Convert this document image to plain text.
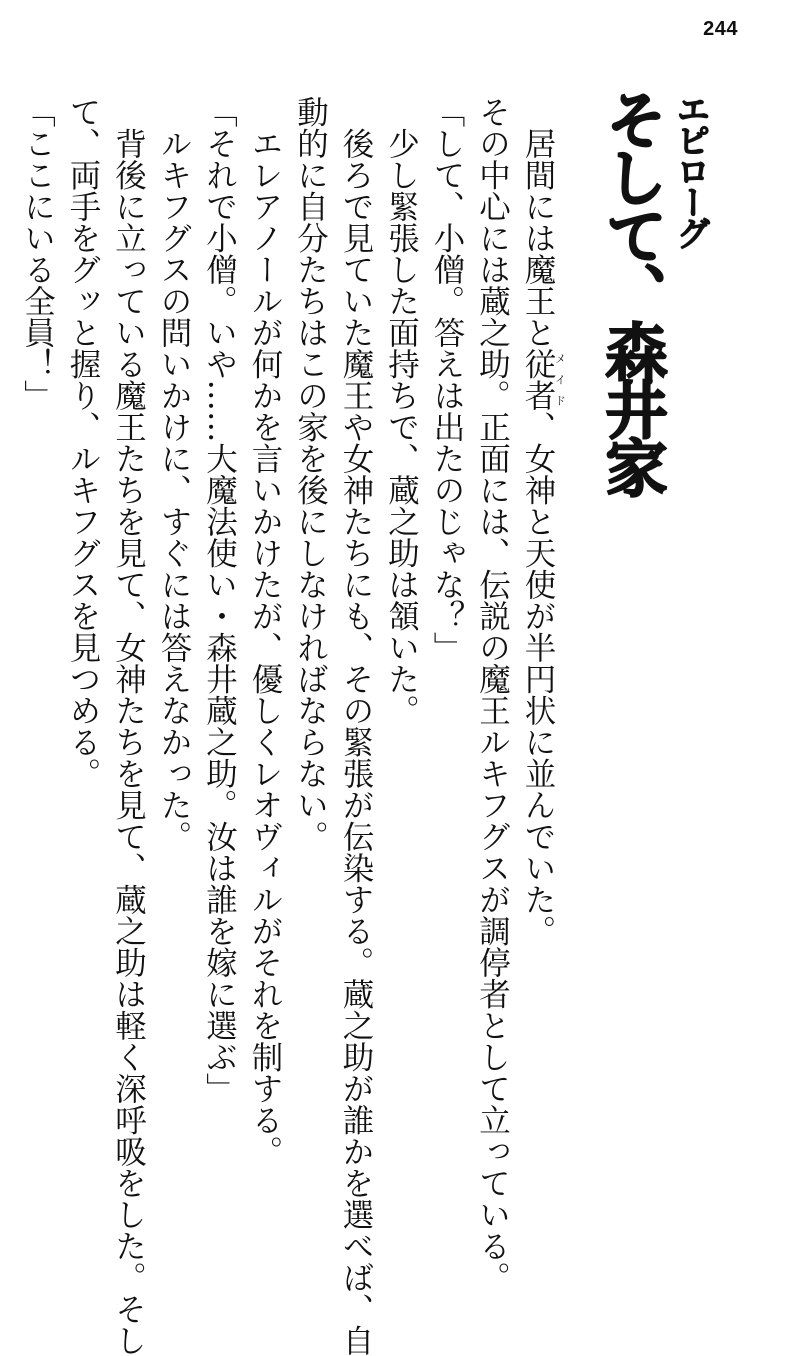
244
エピローグ
そして、森井家

居間には魔王と従者メイド、女神と天使が半円状に並んでいた。

その中心には蔵之助。正面には、伝説の魔王ルキフグスが調停者として立っている。

「して、小僧。答えは出たのじゃな？」

少し緊張した面持ちで、蔵之助は頷いた。

後ろで見ていた魔王や女神たちにも、その緊張が伝染する。蔵之助が誰かを選べば、自

動的に自分たちはこの家を後にしなければならない。

エレアノールが何かを言いかけたが、優しくレオヴィルがそれを制する。

「それで小僧。いや……大魔法使い・森井蔵之助。汝は誰を嫁に選ぶ」

ルキフグスの問いかけに、すぐには答えなかった。

背後に立っている魔王たちを見て、女神たちを見て、蔵之助は軽く深呼吸をした。そし

て、両手をグッと握り、ルキフグスを見つめる。

「ここにいる全員！」
